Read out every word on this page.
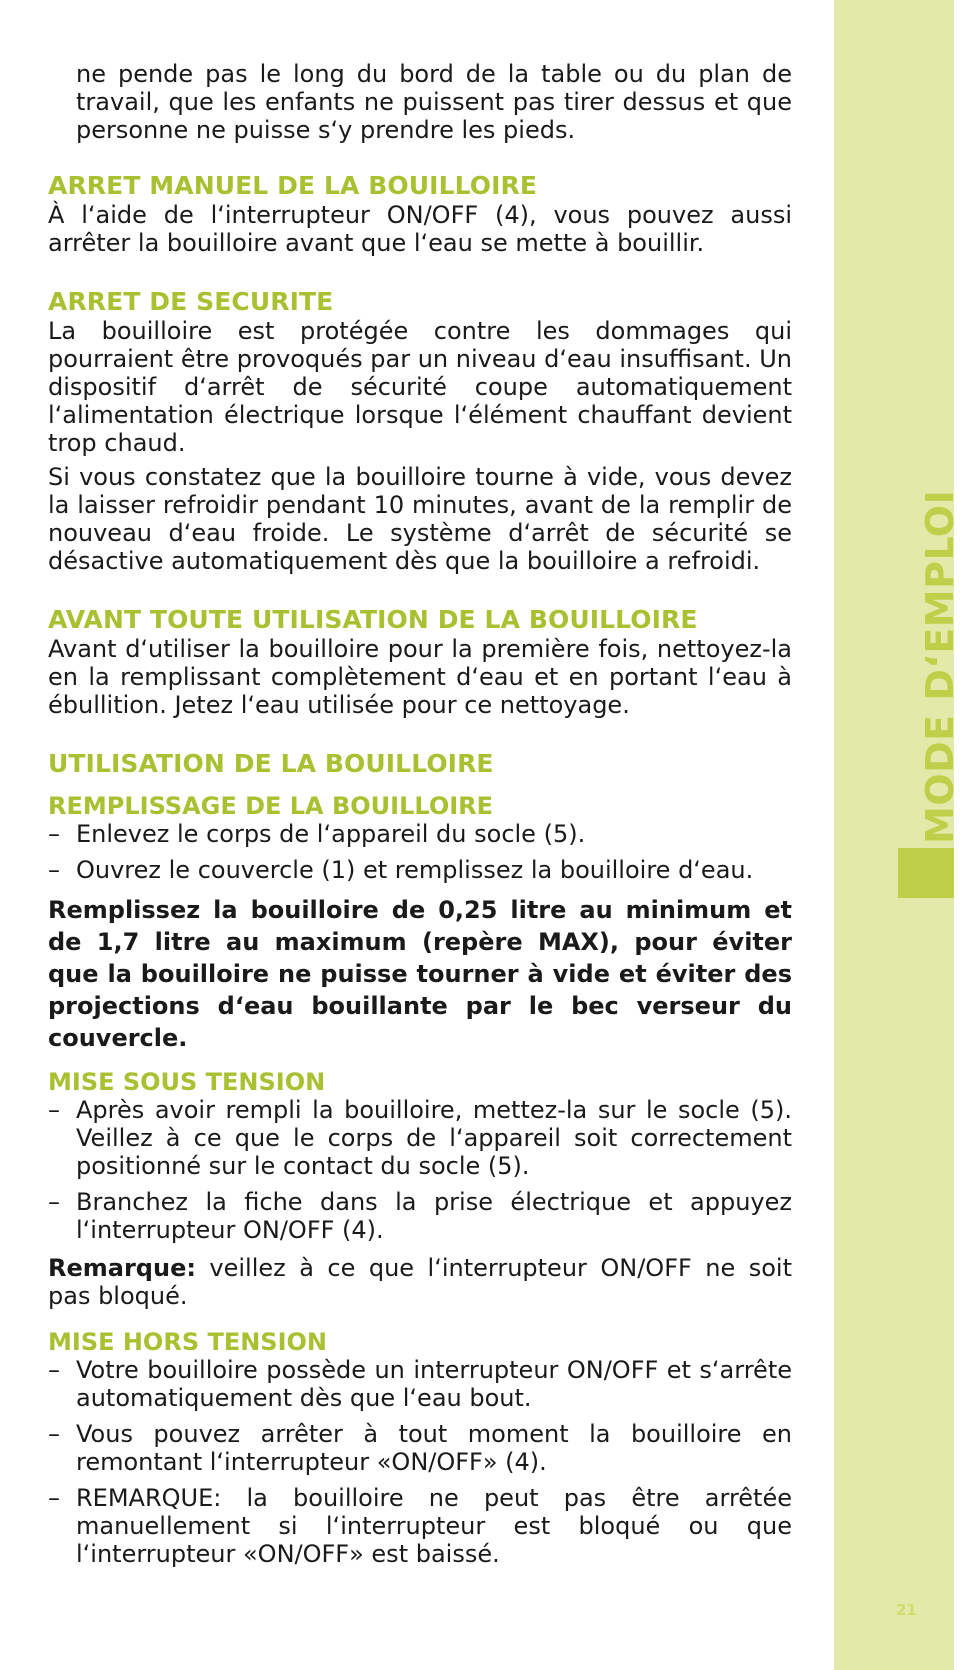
ne pende pas le long du bord de la table ou du plan de travail, que les enfants ne puissent pas tirer dessus et que personne ne puisse s‘y prendre les pieds.

ARRET MANUEL DE LA BOUILLOIRE

À l‘aide de l‘interrupteur ON/OFF (4), vous pouvez aussi arrêter la bouilloire avant que l‘eau se mette à bouillir.

ARRET DE SECURITE

La bouilloire est protégée contre les dommages qui pourraient être provoqués par un niveau d‘eau insuffisant. Un dispositif d‘arrêt de sécurité coupe automatiquement l‘alimentation électrique lorsque l‘élément chauffant devient trop chaud.

Si vous constatez que la bouilloire tourne à vide, vous devez la laisser refroidir pendant 10 minutes, avant de la remplir de nouveau d‘eau froide. Le système d‘arrêt de sécurité se désactive automatiquement dès que la bouilloire a refroidi.

AVANT TOUTE UTILISATION DE LA BOUILLOIRE

Avant d‘utiliser la bouilloire pour la première fois, nettoyez-la en la remplissant complètement d‘eau et en portant l‘eau à ébullition. Jetez l‘eau utilisée pour ce nettoyage.

UTILISATION DE LA BOUILLOIRE
REMPLISSAGE DE LA BOUILLOIRE
– Enlevez le corps de l‘appareil du socle (5).
– Ouvrez le couvercle (1) et remplissez la bouilloire d‘eau.

Remplissez la bouilloire de 0,25 litre au minimum et de 1,7 litre au maximum (repère MAX), pour éviter que la bouilloire ne puisse tourner à vide et éviter des projections d‘eau bouillante par le bec verseur du couvercle.

MISE SOUS TENSION
– Après avoir rempli la bouilloire, mettez-la sur le socle (5). Veillez à ce que le corps de l‘appareil soit correctement positionné sur le contact du socle (5).
– Branchez la fiche dans la prise électrique et appuyez l‘interrupteur ON/OFF (4).

Remarque: veillez à ce que l‘interrupteur ON/OFF ne soit pas bloqué.

MISE HORS TENSION
– Votre bouilloire possède un interrupteur ON/OFF et s‘arrête automatiquement dès que l‘eau bout.
– Vous pouvez arrêter à tout moment la bouilloire en remontant l‘interrupteur «ON/OFF» (4).
– REMARQUE: la bouilloire ne peut pas être arrêtée manuellement si l‘interrupteur est bloqué ou que l‘interrupteur «ON/OFF» est baissé.
MODE D‘EMPLOI
21
